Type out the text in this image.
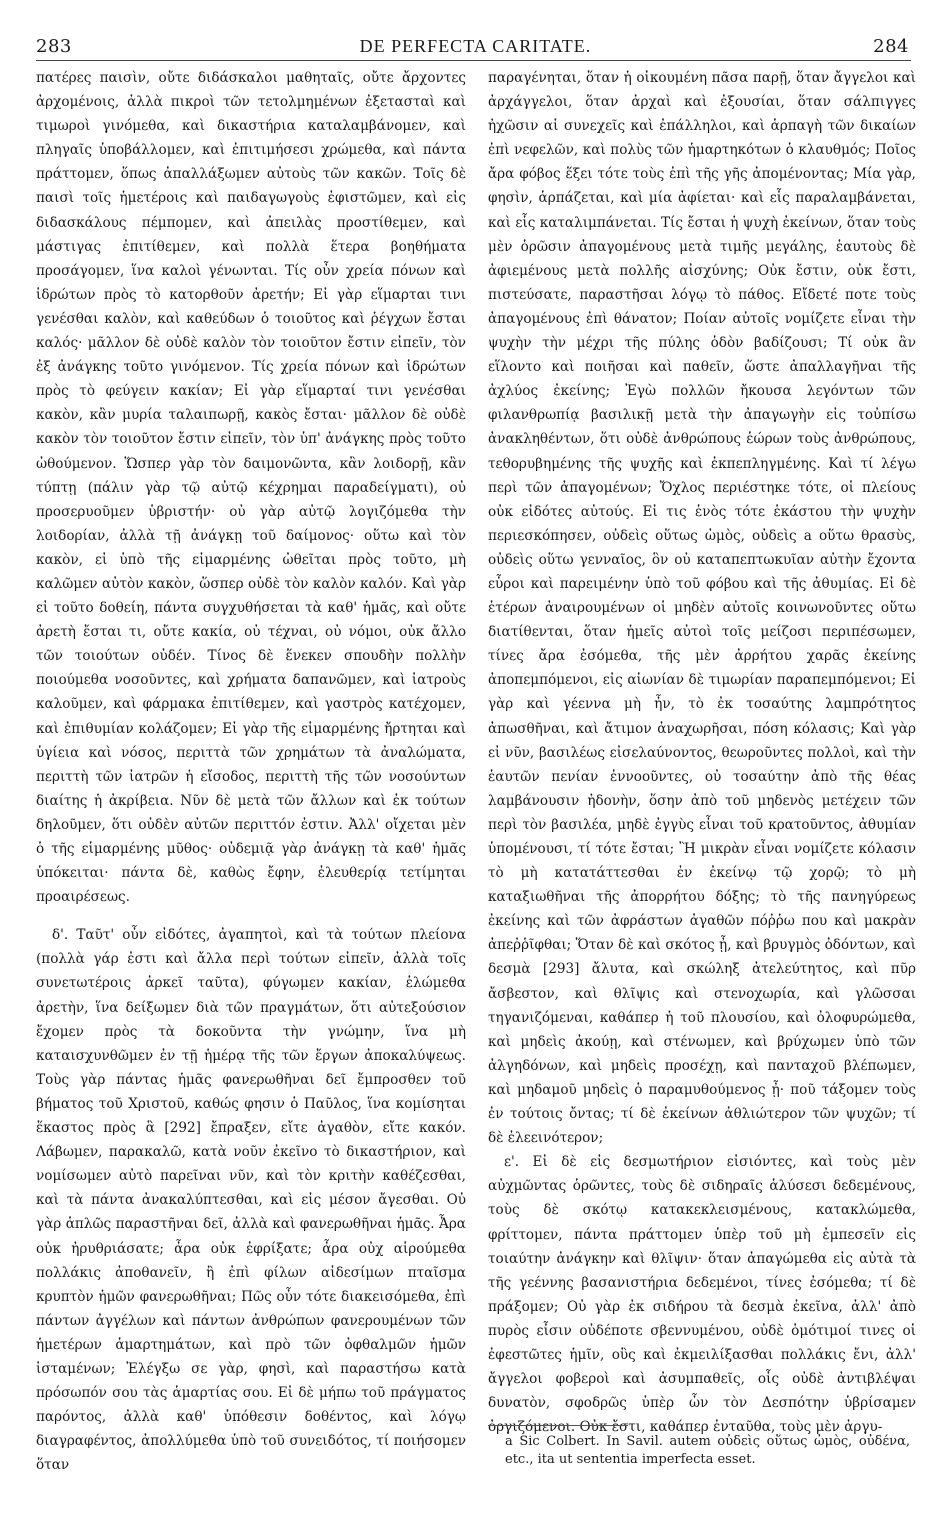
283	DE PERFECTA CARITATE.	284

πατέρες παισὶν, οὔτε διδάσκαλοι μαθηταῖς, οὔτε ἄρχοντες ἀρχομένοις, ἀλλὰ πικροὶ τῶν τετολμημένων ἐξετασταὶ καὶ τιμωροὶ γινόμεθα, καὶ δικαστήρια καταλαμβάνομεν, καὶ πληγαῖς ὑποβάλλομεν, καὶ ἐπιτιμήσεσι χρώμεθα, καὶ πάντα πράττομεν, ὅπως ἀπαλλάξωμεν αὐτοὺς τῶν κακῶν. Τοῖς δὲ παισὶ τοῖς ἡμετέροις καὶ παιδαγωγοὺς ἐφιστῶμεν, καὶ εἰς διδασκάλους πέμπομεν, καὶ ἀπειλὰς προστίθεμεν, καὶ μάστιγας ἐπιτίθεμεν, καὶ πολλὰ ἕτερα βοηθήματα προσάγομεν, ἵνα καλοὶ γένωνται. Τίς οὖν χρεία πόνων καὶ ἱδρώτων πρὸς τὸ κατορθοῦν ἀρετήν; Εἰ γὰρ εἵμαρται τινι γενέσθαι καλὸν, καὶ καθεύδων ὁ τοιοῦτος καὶ ῥέγχων ἔσται καλός· μᾶλλον δὲ οὐδὲ καλὸν τὸν τοιοῦτον ἔστιν εἰπεῖν, τὸν ἐξ ἀνάγκης τοῦτο γινόμενον. Τίς χρεία πόνων καὶ ἱδρώτων πρὸς τὸ φεύγειν κακίαν; Εἰ γὰρ εἵμαρταί τινι γενέσθαι κακὸν, κἂν μυρία ταλαιπωρῇ, κακὸς ἔσται· μᾶλλον δὲ οὐδὲ κακὸν τὸν τοιοῦτον ἔστιν εἰπεῖν, τὸν ὑπ' ἀνάγκης πρὸς τοῦτο ὠθούμενον. Ὥσπερ γὰρ τὸν δαιμονῶντα, κἂν λοιδορῇ, κἂν τύπτῃ (πάλιν γὰρ τῷ αὐτῷ κέχρημαι παραδείγματι), οὐ προσερυοῦμεν ὑβριστήν· οὐ γὰρ αὐτῷ λογιζόμεθα τὴν λοιδορίαν, ἀλλὰ τῇ ἀνάγκῃ τοῦ δαίμονος· οὕτω καὶ τὸν κακὸν, εἰ ὑπὸ τῆς εἱμαρμένης ὠθεῖται πρὸς τοῦτο, μὴ καλῶμεν αὐτὸν κακὸν, ὥσπερ οὐδὲ τὸν καλὸν καλόν. Καὶ γὰρ εἰ τοῦτο δοθείη, πάντα συγχυθήσεται τὰ καθ' ἡμᾶς, καὶ οὔτε ἀρετὴ ἔσται τι, οὔτε κακία, οὐ τέχναι, οὐ νόμοι, οὐκ ἄλλο τῶν τοιούτων οὐδέν. Τίνος δὲ ἕνεκεν σπουδὴν πολλὴν ποιούμεθα νοσοῦντες, καὶ χρήματα δαπανῶμεν, καὶ ἰατροὺς καλοῦμεν, καὶ φάρμακα ἐπιτίθεμεν, καὶ γαστρὸς κατέχομεν, καὶ ἐπιθυμίαν κολάζομεν; Εἰ γὰρ τῆς εἱμαρμένης ἤρτηται καὶ ὑγίεια καὶ νόσος, περιττὰ τῶν χρημάτων τὰ ἀναλώματα, περιττὴ τῶν ἰατρῶν ἡ εἴσοδος, περιττὴ τῆς τῶν νοσούντων διαίτης ἡ ἀκρίβεια. Νῦν δὲ μετὰ τῶν ἄλλων καὶ ἐκ τούτων δηλοῦμεν, ὅτι οὐδὲν αὐτῶν περιττόν ἐστιν. Ἀλλ' οἴχεται μὲν ὁ τῆς εἱμαρμένης μῦθος· οὐδεμιᾷ γὰρ ἀνάγκῃ τὰ καθ' ἡμᾶς ὑπόκειται· πάντα δὲ, καθὼς ἔφην, ἐλευθερίᾳ τετίμηται προαιρέσεως.

δ'. Ταῦτ' οὖν εἰδότες, ἀγαπητοὶ, καὶ τὰ τούτων πλείονα (πολλὰ γάρ ἐστι καὶ ἄλλα περὶ τούτων εἰπεῖν, ἀλλὰ τοῖς συνετωτέροις ἀρκεῖ ταῦτα), φύγωμεν κακίαν, ἑλώμεθα ἀρετὴν, ἵνα δείξωμεν διὰ τῶν πραγμάτων, ὅτι αὐτεξούσιον ἔχομεν πρὸς τὰ δοκοῦντα τὴν γνώμην, ἵνα μὴ καταισχυνθῶμεν ἐν τῇ ἡμέρᾳ τῆς τῶν ἔργων ἀποκαλύψεως. Τοὺς γὰρ πάντας ἡμᾶς φανερωθῆναι δεῖ ἔμπροσθεν τοῦ βήματος τοῦ Χριστοῦ, καθώς φησιν ὁ Παῦλος, ἵνα κομίσηται ἕκαστος πρὸς ἃ [292] ἔπραξεν, εἴτε ἀγαθὸν, εἴτε κακόν. Λάβωμεν, παρακαλῶ, κατὰ νοῦν ἐκεῖνο τὸ δικαστήριον, καὶ νομίσωμεν αὐτὸ παρεῖναι νῦν, καὶ τὸν κριτὴν καθέζεσθαι, καὶ τὰ πάντα ἀνακαλύπτεσθαι, καὶ εἰς μέσον ἄγεσθαι. Οὐ γὰρ ἁπλῶς παραστῆναι δεῖ, ἀλλὰ καὶ φανερωθῆναι ἡμᾶς. Ἆρα οὐκ ἠρυθριάσατε; ἆρα οὐκ ἐφρίξατε; ἆρα οὐχ αἱρούμεθα πολλάκις ἀποθανεῖν, ἢ ἐπὶ φίλων αἰδεσίμων πταῖσμα κρυπτὸν ἡμῶν φανερωθῆναι; Πῶς οὖν τότε διακεισόμεθα, ἐπὶ πάντων ἀγγέλων καὶ πάντων ἀνθρώπων φανερουμένων τῶν ἡμετέρων ἁμαρτημάτων, καὶ πρὸ τῶν ὀφθαλμῶν ἡμῶν ἱσταμένων; Ἐλέγξω σε γὰρ, φησὶ, καὶ παραστήσω κατὰ πρόσωπόν σου τὰς ἁμαρτίας σου. Εἰ δὲ μήπω τοῦ πράγματος παρόντος, ἀλλὰ καθ' ὑπόθεσιν δοθέντος, καὶ λόγῳ διαγραφέντος, ἀπολλύμεθα ὑπὸ τοῦ συνειδότος, τί ποιήσομεν ὅταν

παραγένηται, ὅταν ἡ οἰκουμένη πᾶσα παρῇ, ὅταν ἄγγελοι καὶ ἀρχάγγελοι, ὅταν ἀρχαὶ καὶ ἐξουσίαι, ὅταν σάλπιγγες ἠχῶσιν αἱ συνεχεῖς καὶ ἐπάλληλοι, καὶ ἁρπαγὴ τῶν δικαίων ἐπὶ νεφελῶν, καὶ πολὺς τῶν ἡμαρτηκότων ὁ κλαυθμός; Ποῖος ἄρα φόβος ἕξει τότε τοὺς ἐπὶ τῆς γῆς ἀπομένοντας; Μία γὰρ, φησὶν, ἁρπάζεται, καὶ μία ἀφίεται· καὶ εἷς παραλαμβάνεται, καὶ εἷς καταλιμπάνεται. Τίς ἔσται ἡ ψυχὴ ἐκείνων, ὅταν τοὺς μὲν ὁρῶσιν ἀπαγομένους μετὰ τιμῆς μεγάλης, ἑαυτοὺς δὲ ἀφιεμένους μετὰ πολλῆς αἰσχύνης; Οὐκ ἔστιν, οὐκ ἔστι, πιστεύσατε, παραστῆσαι λόγῳ τὸ πάθος. Εἴδετέ ποτε τοὺς ἀπαγομένους ἐπὶ θάνατον; Ποίαν αὐτοῖς νομίζετε εἶναι τὴν ψυχὴν τὴν μέχρι τῆς πύλης ὁδὸν βαδίζουσι; Τί οὐκ ἂν εἵλοντο καὶ ποιῆσαι καὶ παθεῖν, ὥστε ἀπαλλαγῆναι τῆς ἀχλύος ἐκείνης; Ἐγὼ πολλῶν ἤκουσα λεγόντων τῶν φιλανθρωπίᾳ βασιλικῇ μετὰ τὴν ἀπαγωγὴν εἰς τοὐπίσω ἀνακληθέντων, ὅτι οὐδὲ ἀνθρώπους ἑώρων τοὺς ἀνθρώπους, τεθορυβημένης τῆς ψυχῆς καὶ ἐκπεπληγμένης. Καὶ τί λέγω περὶ τῶν ἀπαγομένων; Ὄχλος περιέστηκε τότε, οἱ πλείους οὐκ εἰδότες αὐτούς. Εἰ τις ἑνὸς τότε ἑκάστου τὴν ψυχὴν περιεσκόπησεν, οὐδεὶς οὕτως ὠμὸς, οὐδεὶς a οὕτω θρασὺς, οὐδεὶς οὕτω γενναῖος, ὃν οὐ καταπεπτωκυῖαν αὐτὴν ἔχοντα εὗροι καὶ παρειμένην ὑπὸ τοῦ φόβου καὶ τῆς ἀθυμίας. Εἰ δὲ ἑτέρων ἀναιρουμένων οἱ μηδὲν αὐτοῖς κοινωνοῦντες οὕτω διατίθενται, ὅταν ἡμεῖς αὐτοὶ τοῖς μείζοσι περιπέσωμεν, τίνες ἄρα ἐσόμεθα, τῆς μὲν ἀρρήτου χαρᾶς ἐκείνης ἀποπεμπόμενοι, εἰς αἰωνίαν δὲ τιμωρίαν παραπεμπόμενοι; Εἰ γὰρ καὶ γέεννα μὴ ἦν, τὸ ἐκ τοσαύτης λαμπρότητος ἀπωσθῆναι, καὶ ἄτιμον ἀναχωρῆσαι, πόση κόλασις; Καὶ γὰρ εἰ νῦν, βασιλέως εἰσελαύνοντος, θεωροῦντες πολλοὶ, καὶ τὴν ἑαυτῶν πενίαν ἐννοοῦντες, οὐ τοσαύτην ἀπὸ τῆς θέας λαμβάνουσιν ἡδονὴν, ὅσην ἀπὸ τοῦ μηδενὸς μετέχειν τῶν περὶ τὸν βασιλέα, μηδὲ ἐγγὺς εἶναι τοῦ κρατοῦντος, ἀθυμίαν ὑπομένουσι, τί τότε ἔσται; Ἢ μικρὰν εἶναι νομίζετε κόλασιν τὸ μὴ κατατάττεσθαι ἐν ἐκείνῳ τῷ χορῷ; τὸ μὴ καταξιωθῆναι τῆς ἀπορρήτου δόξης; τὸ τῆς πανηγύρεως ἐκείνης καὶ τῶν ἀφράστων ἀγαθῶν πόῤῥω που καὶ μακρὰν ἀπεῤῥῖφθαι; Ὅταν δὲ καὶ σκότος ᾖ, καὶ βρυγμὸς ὀδόντων, καὶ δεσμὰ [293] ἄλυτα, καὶ σκώληξ ἀτελεύτητος, καὶ πῦρ ἄσβεστον, καὶ θλῖψις καὶ στενοχωρία, καὶ γλῶσσαι τηγανιζόμεναι, καθάπερ ἡ τοῦ πλουσίου, καὶ ὀλοφυρώμεθα, καὶ μηδεὶς ἀκούῃ, καὶ στένωμεν, καὶ βρύχωμεν ὑπὸ τῶν ἀλγηδόνων, καὶ μηδεὶς προσέχῃ, καὶ πανταχοῦ βλέπωμεν, καὶ μηδαμοῦ μηδεὶς ὁ παραμυθούμενος ᾖ· ποῦ τάξομεν τοὺς ἐν τούτοις ὄντας; τί δὲ ἐκείνων ἀθλιώτερον τῶν ψυχῶν; τί δὲ ἐλεεινότερον;

ε'. Εἰ δὲ εἰς δεσμωτήριον εἰσιόντες, καὶ τοὺς μὲν αὐχμῶντας ὁρῶντες, τοὺς δὲ σιδηραῖς ἁλύσεσι δεδεμένους, τοὺς δὲ σκότῳ κατακεκλεισμένους, κατακλώμεθα, φρίττομεν, πάντα πράττομεν ὑπὲρ τοῦ μὴ ἐμπεσεῖν εἰς τοιαύτην ἀνάγκην καὶ θλῖψιν· ὅταν ἀπαγώμεθα εἰς αὐτὰ τὰ τῆς γεέννης βασανιστήρια δεδεμένοι, τίνες ἐσόμεθα; τί δὲ πράξομεν; Οὐ γὰρ ἐκ σιδήρου τὰ δεσμὰ ἐκεῖνα, ἀλλ' ἀπὸ πυρὸς εἶσιν οὐδέποτε σβεννυμένου, οὐδὲ ὁμότιμοί τινες οἱ ἐφεστῶτες ἡμῖν, οὓς καὶ ἐκμειλίξασθαι πολλάκις ἔνι, ἀλλ' ἄγγελοι φοβεροὶ καὶ ἀσυμπαθεῖς, οἷς οὐδὲ ἀντιβλέψαι δυνατὸν, σφοδρῶς ὑπὲρ ὧν τὸν Δεσπότην ὑβρίσαμεν ὀργιζόμενοι. Οὐκ ἔστι, καθάπερ ἐνταῦθα, τοὺς μὲν ἀργυ-

a Sic Colbert. In Savil. autem οὐδεὶς οὕτως ὠμὸς, οὐδένα, etc., ita ut sententia imperfecta esset.
